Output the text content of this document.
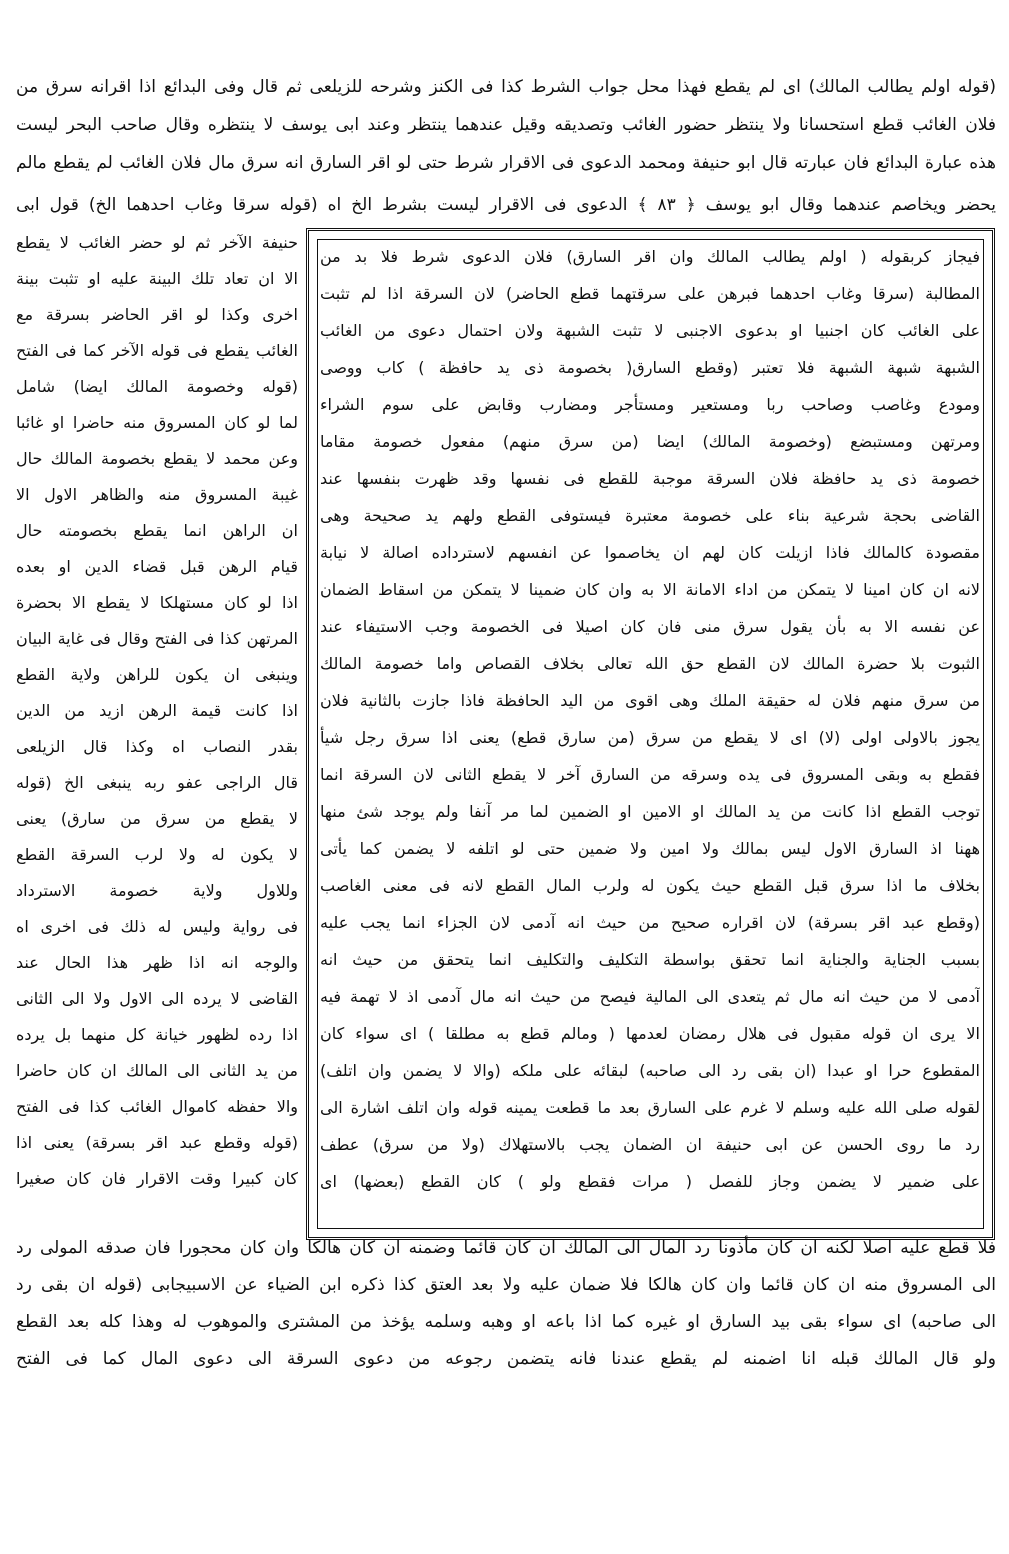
(قوله اولم يطالب المالك) اى لم يقطع فهذا محل جواب الشرط كذا فى الكنز وشرحه للزيلعى ثم قال وفى البدائع اذا اقرانه سرق من
فلان الغائب قطع استحسانا ولا ينتظر حضور الغائب وتصديقه وقيل عندهما ينتظر وعند ابى يوسف لا ينتظره وقال صاحب البحر ليست
هذه عبارة البدائع فان عبارته قال ابو حنيفة ومحمد الدعوى فى الاقرار شرط حتى لو اقر السارق انه سرق مال فلان الغائب لم يقطع مالم
يحضر ويخاصم عندهما وقال ابو يوسف ﴿ ٨٣ ﴾ الدعوى فى الاقرار ليست بشرط الخ اه (قوله سرقا وغاب احدهما الخ) قول ابى
فيجاز كربقوله ( اولم يطالب المالك وان اقر السارق) فلان الدعوى شرط فلا بد من
المطالبة (سرقا وغاب احدهما فبرهن على سرقتهما قطع الحاضر) لان السرقة اذا لم تثبت
على الغائب كان اجنبيا او بدعوى الاجنبى لا تثبت الشبهة ولان احتمال دعوى من الغائب
الشبهة شبهة الشبهة فلا تعتبر (وقطع السارق( بخصومة ذى يد حافظة ) كاب ووصى
ومودع وغاصب وصاحب ربا ومستعير ومستأجر ومضارب وقابض على سوم الشراء
ومرتهن ومستبضع (وخصومة المالك) ايضا (من سرق منهم) مفعول خصومة مقاما
خصومة ذى يد حافظة فلان السرقة موجبة للقطع فى نفسها وقد ظهرت بنفسها عند
القاضى بحجة شرعية بناء على خصومة معتبرة فيستوفى القطع ولهم يد صحيحة وهى
مقصودة كالمالك فاذا ازيلت كان لهم ان يخاصموا عن انفسهم لاسترداده اصالة لا نيابة
لانه ان كان امينا لا يتمكن من اداء الامانة الا به وان كان ضمينا لا يتمكن من اسقاط الضمان
عن نفسه الا به بأن يقول سرق منى فان كان اصيلا فى الخصومة وجب الاستيفاء عند
الثبوت بلا حضرة المالك لان القطع حق الله تعالى بخلاف القصاص واما خصومة المالك
من سرق منهم فلان له حقيقة الملك وهى اقوى من اليد الحافظة فاذا جازت بالثانية فلان
يجوز بالاولى اولى (لا) اى لا يقطع من سرق (من سارق قطع) يعنى اذا سرق رجل شيأ
فقطع به وبقى المسروق فى يده وسرقه من السارق آخر لا يقطع الثانى لان السرقة انما
توجب القطع اذا كانت من يد المالك او الامين او الضمين لما مر آنفا ولم يوجد شئ منها
ههنا اذ السارق الاول ليس بمالك ولا امين ولا ضمين حتى لو اتلفه لا يضمن كما يأتى
بخلاف ما اذا سرق قبل القطع حيث يكون له ولرب المال القطع لانه فى معنى الغاصب
(وقطع عبد اقر بسرقة) لان اقراره صحيح من حيث انه آدمى لان الجزاء انما يجب عليه
بسبب الجناية والجناية انما تحقق بواسطة التكليف والتكليف انما يتحقق من حيث انه
آدمى لا من حيث انه مال ثم يتعدى الى المالية فيصح من حيث انه مال آدمى اذ لا تهمة فيه
الا يرى ان قوله مقبول فى هلال رمضان لعدمها ( ومالم قطع به مطلقا ) اى سواء كان
المقطوع حرا او عبدا (ان بقى رد الى صاحبه) لبقائه على ملكه (والا لا يضمن وان اتلف)
لقوله صلى الله عليه وسلم لا غرم على السارق بعد ما قطعت يمينه قوله وان اتلف اشارة الى
رد ما روى الحسن عن ابى حنيفة ان الضمان يجب بالاستهلاك (ولا من سرق) عطف
على ضمير لا يضمن وجاز للفصل ( مرات فقطع ولو ) كان القطع (بعضها) اى
حنيفة الآخر ثم لو حضر الغائب لا يقطع
الا ان تعاد تلك البينة عليه او تثبت بينة
اخرى وكذا لو اقر الحاضر بسرقة مع
الغائب يقطع فى قوله الآخر كما فى الفتح
(قوله وخصومة المالك ايضا) شامل
لما لو كان المسروق منه حاضرا او غائبا
وعن محمد لا يقطع بخصومة المالك حال
غيبة المسروق منه والظاهر الاول الا
ان الراهن انما يقطع بخصومته حال
قيام الرهن قبل قضاء الدين او بعده
اذا لو كان مستهلكا لا يقطع الا بحضرة
المرتهن كذا فى الفتح وقال فى غاية البيان
وينبغى ان يكون للراهن ولاية القطع
اذا كانت قيمة الرهن ازيد من الدين
بقدر النصاب اه وكذا قال الزيلعى
قال الراجى عفو ربه ينبغى الخ (قوله
لا يقطع من سرق من سارق) يعنى
لا يكون له ولا لرب السرقة القطع
وللاول ولاية خصومة الاسترداد
فى رواية وليس له ذلك فى اخرى اه
والوجه انه اذا ظهر هذا الحال عند
القاضى لا يرده الى الاول ولا الى الثانى
اذا رده لظهور خيانة كل منهما بل يرده
من يد الثانى الى المالك ان كان حاضرا
والا حفظه كاموال الغائب كذا فى الفتح
(قوله وقطع عبد اقر بسرقة) يعنى اذا
كان كبيرا وقت الاقرار فان كان صغيرا
فلا قطع عليه اصلا لكنه ان كان مأذونا رد المال الى المالك ان كان قائما وضمنه ان كان هالكا وان كان محجورا فان صدقه المولى رد
الى المسروق منه ان كان قائما وان كان هالكا فلا ضمان عليه ولا بعد العتق كذا ذكره ابن الضياء عن الاسبيجابى (قوله ان بقى رد
الى صاحبه) اى سواء بقى بيد السارق او غيره كما اذا باعه او وهبه وسلمه يؤخذ من المشترى والموهوب له وهذا كله بعد القطع
ولو قال المالك قبله انا اضمنه لم يقطع عندنا فانه يتضمن رجوعه من دعوى السرقة الى دعوى المال كما فى الفتح
